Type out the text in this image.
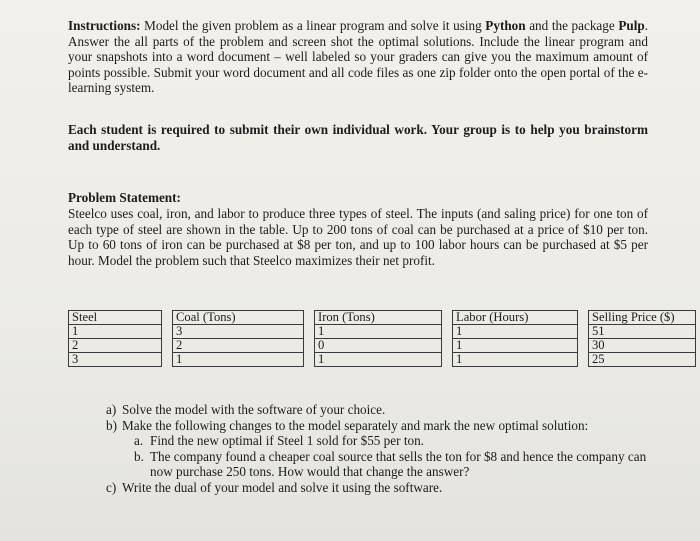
Instructions: Model the given problem as a linear program and solve it using Python and the package Pulp. Answer the all parts of the problem and screen shot the optimal solutions. Include the linear program and your snapshots into a word document – well labeled so your graders can give you the maximum amount of points possible. Submit your word document and all code files as one zip folder onto the open portal of the e-learning system.
Each student is required to submit their own individual work. Your group is to help you brainstorm and understand.
Problem Statement:
Steelco uses coal, iron, and labor to produce three types of steel. The inputs (and saling price) for one ton of each type of steel are shown in the table. Up to 200 tons of coal can be purchased at a price of $10 per ton. Up to 60 tons of iron can be purchased at $8 per ton, and up to 100 labor hours can be purchased at $5 per hour. Model the problem such that Steelco maximizes their net profit.
Steel		Coal (Tons)		Iron (Tons)		Labor (Hours)		Selling Price ($)
1		3		1		1		51
2		2		0		1		30
3		1		1		1		25
a) Solve the model with the software of your choice.
b) Make the following changes to the model separately and mark the new optimal solution:
a. Find the new optimal if Steel 1 sold for $55 per ton.
b. The company found a cheaper coal source that sells the ton for $8 and hence the company can now purchase 250 tons. How would that change the answer?
c) Write the dual of your model and solve it using the software.
